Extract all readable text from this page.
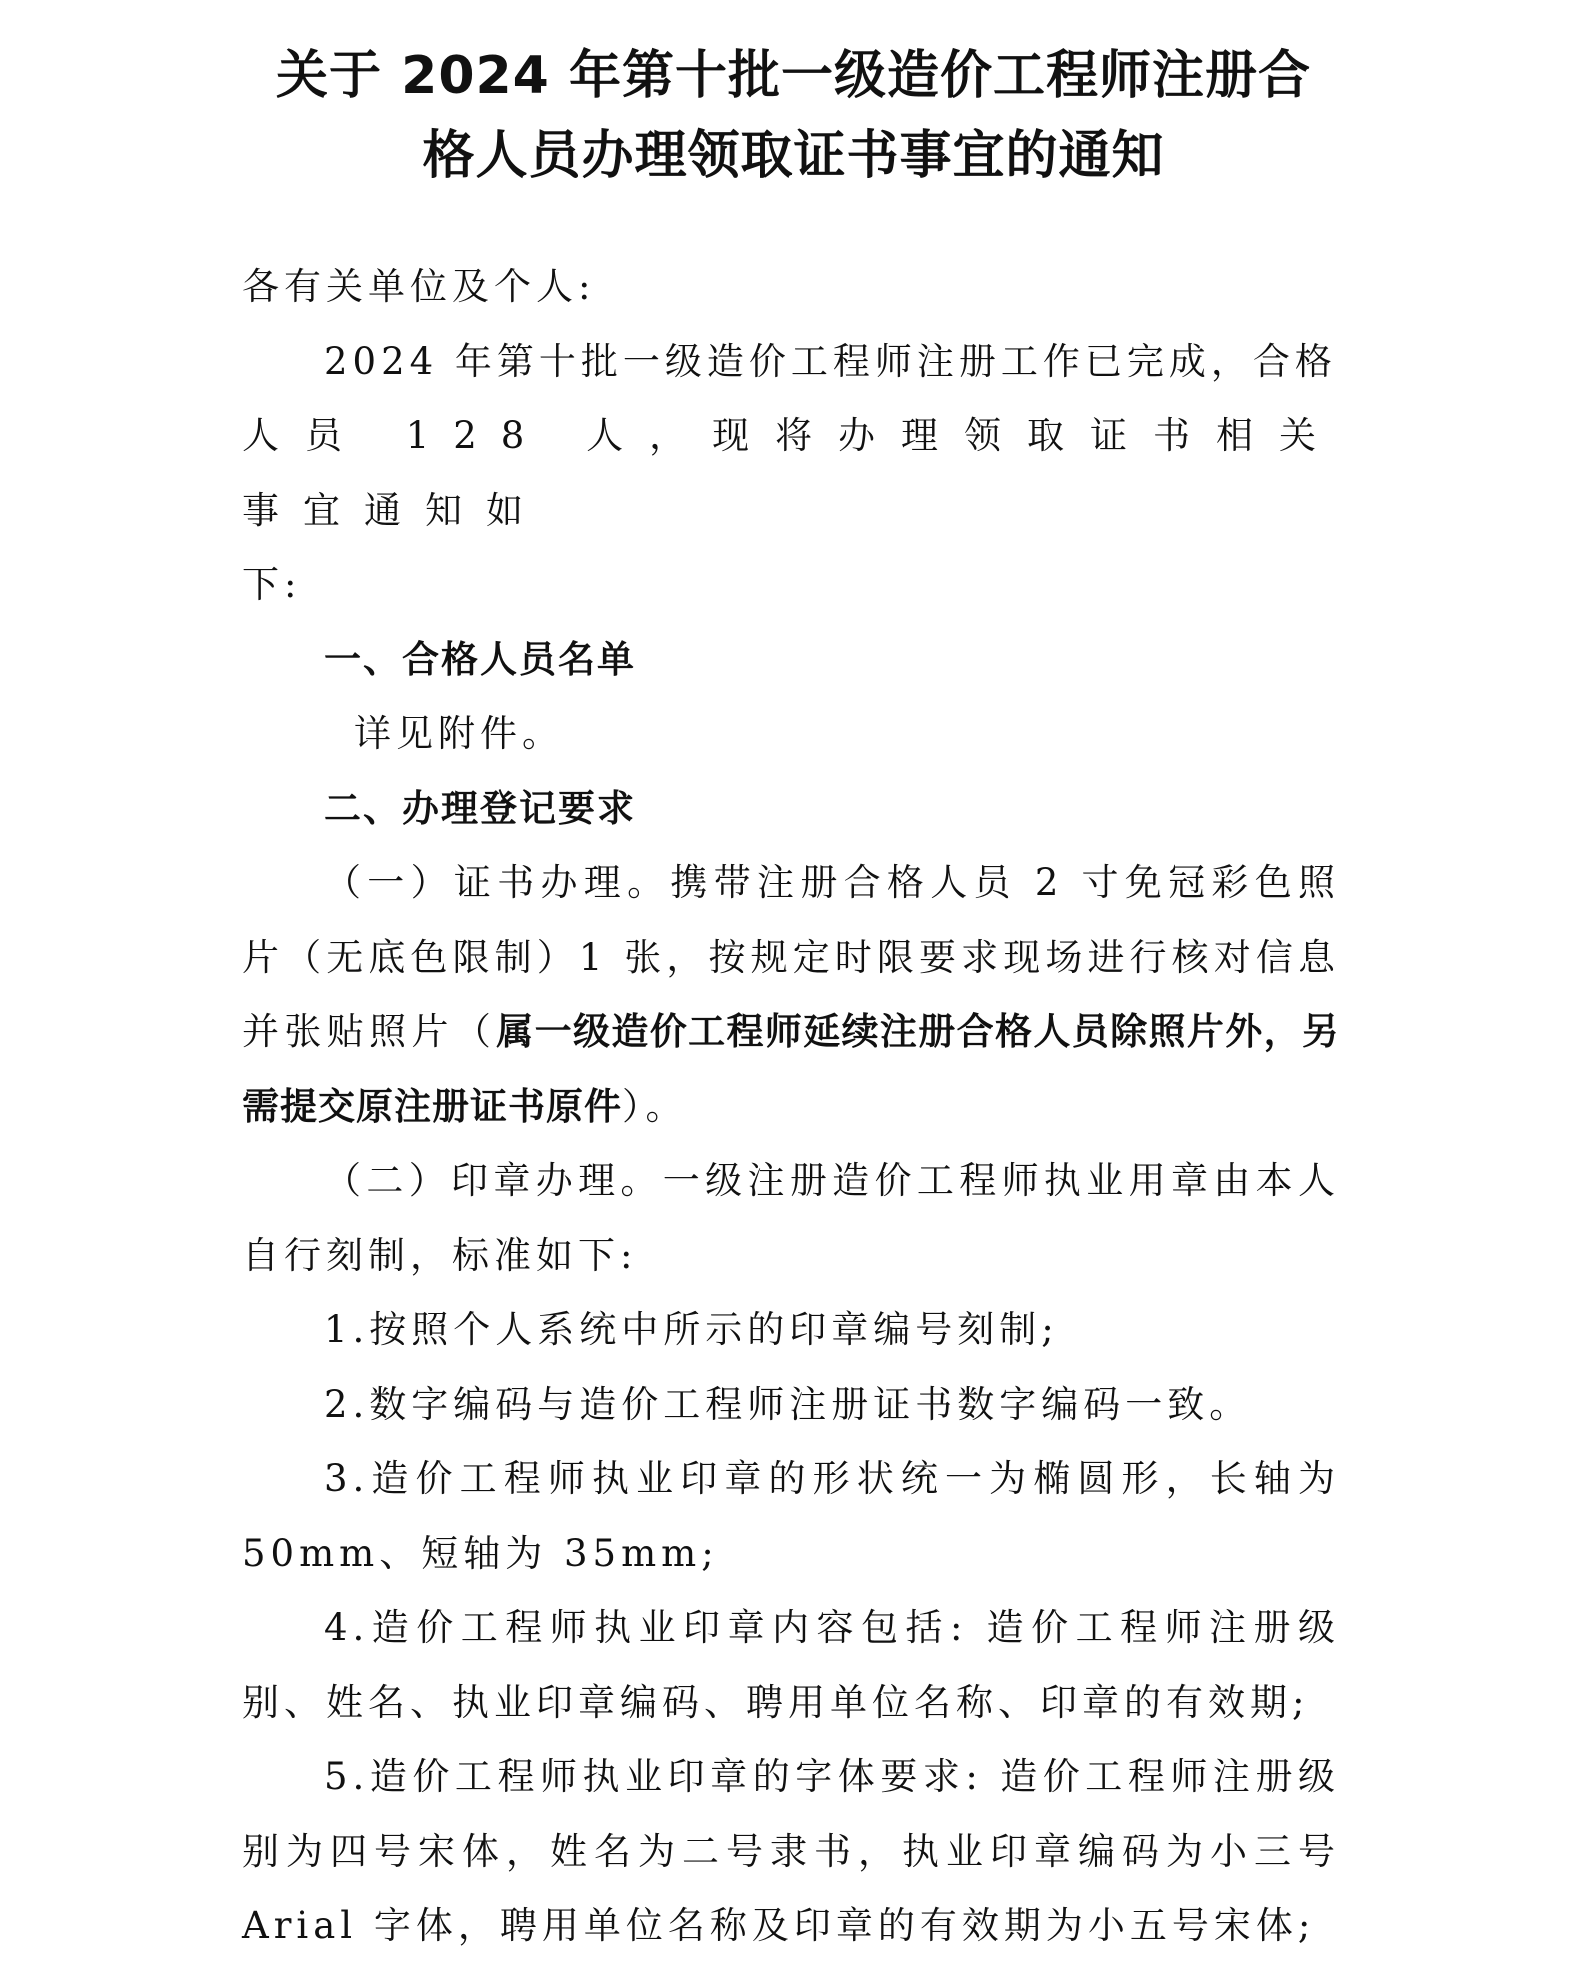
关于 2024 年第十批一级造价工程师注册合
格人员办理领取证书事宜的通知

各有关单位及个人:

2024 年第十批一级造价工程师注册工作已完成，合格

人员 128 人，现将办理领取证书相关事宜通知如

下:

一、合格人员名单

详见附件。

二、办理登记要求

（一）证书办理。携带注册合格人员 2 寸免冠彩色照片（无底色限制）1 张，按规定时限要求现场进行核对信息并张贴照片（属一级造价工程师延续注册合格人员除照片外，另需提交原注册证书原件）。

（二）印章办理。一级注册造价工程师执业用章由本人自行刻制，标准如下:

1.按照个人系统中所示的印章编号刻制;

2.数字编码与造价工程师注册证书数字编码一致。

3.造价工程师执业印章的形状统一为椭圆形，长轴为 50mm、短轴为 35mm;

4.造价工程师执业印章内容包括: 造价工程师注册级别、姓名、执业印章编码、聘用单位名称、印章的有效期;

5.造价工程师执业印章的字体要求: 造价工程师注册级别为四号宋体，姓名为二号隶书，执业印章编码为小三号 Arial 字体，聘用单位名称及印章的有效期为小五号宋体;
